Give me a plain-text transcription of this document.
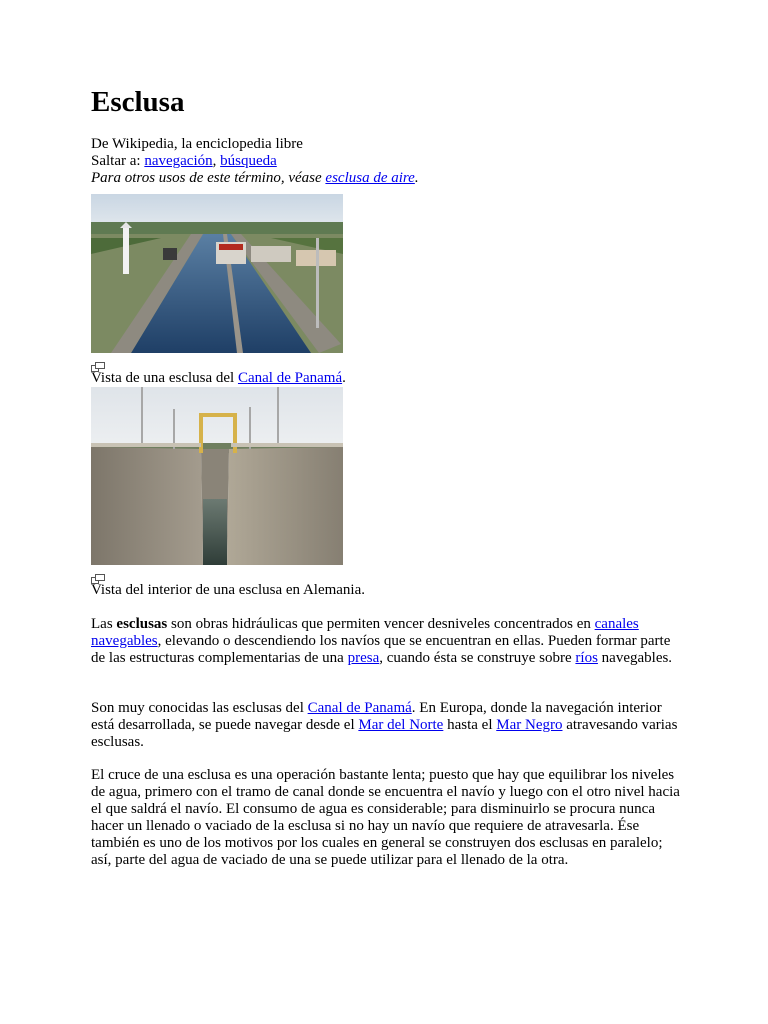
Esclusa

De Wikipedia, la enciclopedia libre

Saltar a: navegación, búsqueda

Para otros usos de este término, véase esclusa de aire.

Vista de una esclusa del Canal de Panamá.

Vista del interior de una esclusa en Alemania.

Las esclusas son obras hidráulicas que permiten vencer desniveles concentrados en canales navegables, elevando o descendiendo los navíos que se encuentran en ellas. Pueden formar parte de las estructuras complementarias de una presa, cuando ésta se construye sobre ríos navegables.

Son muy conocidas las esclusas del Canal de Panamá. En Europa, donde la navegación interior está desarrollada, se puede navegar desde el Mar del Norte hasta el Mar Negro atravesando varias esclusas.

El cruce de una esclusa es una operación bastante lenta; puesto que hay que equilibrar los niveles de agua, primero con el tramo de canal donde se encuentra el navío y luego con el otro nivel hacia el que saldrá el navío. El consumo de agua es considerable; para disminuirlo se procura nunca hacer un llenado o vaciado de la esclusa si no hay un navío que requiere de atravesarla. Ése también es uno de los motivos por los cuales en general se construyen dos esclusas en paralelo; así, parte del agua de vaciado de una se puede utilizar para el llenado de la otra.
